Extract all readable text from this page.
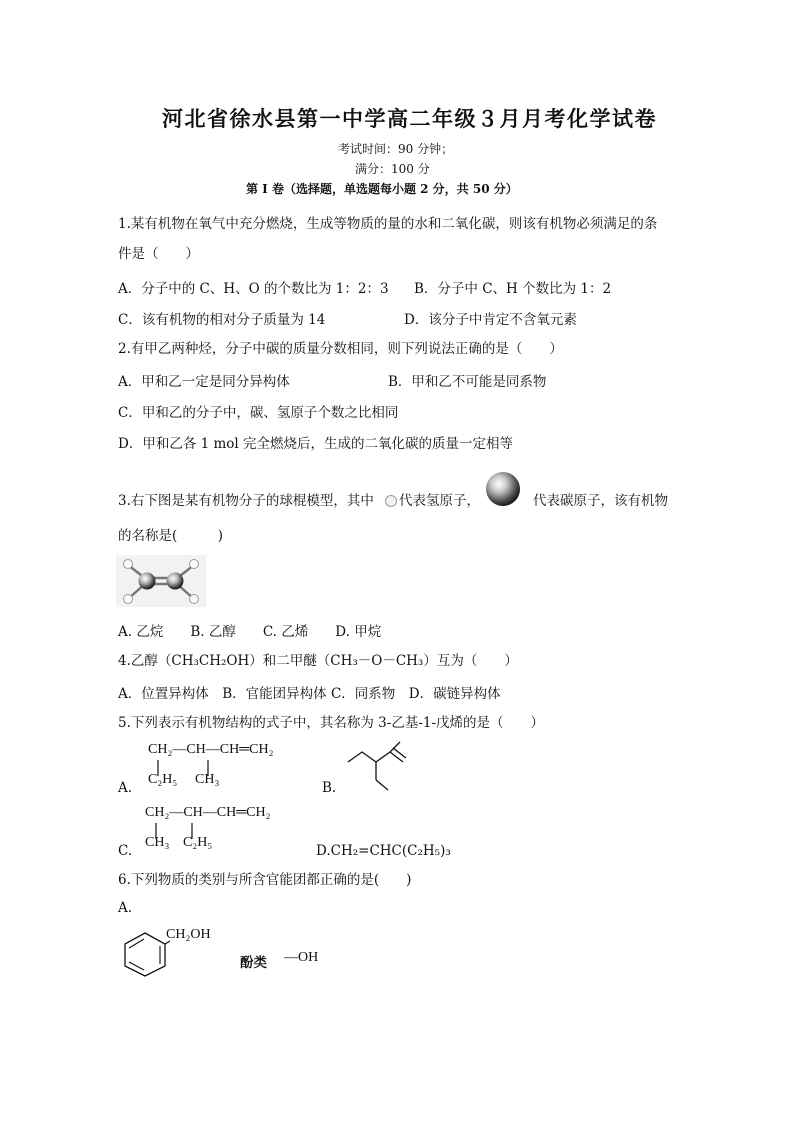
河北省徐水县第一中学高二年级３月月考化学试卷
考试时间：90 分钟；
满分：100 分
第 I 卷（选择题，单选题每小题 2 分，共 50 分）
1.某有机物在氧气中充分燃烧，生成等物质的量的水和二氧化碳，则该有机物必须满足的条
件是（　　）
A．分子中的 C、H、O 的个数比为 1：2：3 B．分子中 C、H 个数比为 1：2
C．该有机物的相对分子质量为 14	D．该分子中肯定不含氧元素
2.有甲乙两种烃，分子中碳的质量分数相同，则下列说法正确的是（　　）
A．甲和乙一定是同分异构体	B．甲和乙不可能是同系物
C．甲和乙的分子中，碳、氢原子个数之比相同
D．甲和乙各 1 mol 完全燃烧后，生成的二氧化碳的质量一定相等
3.右下图是某有机物分子的球棍模型，其中 代表氢原子，	代表碳原子，该有机物
的名称是(　　　)
A. 乙烷　　B. 乙醇　　C. 乙烯　　D. 甲烷
4.乙醇（CH₃CH₂OH）和二甲醚（CH₃－O－CH₃）互为（　　）
A．位置异构体　B．官能团异构体 C．同系物　D．碳链异构体
5.下列表示有机物结构的式子中，其名称为 3-乙基-1-戊烯的是（　　）
CH₂—CH—CH═CH₂
C₂H₅ CH₃
A.	B.
CH₂—CH—CH═CH₂
CH₃ C₂H₅
C.	D.CH₂=CHC(C₂H₅)₃
6.下列物质的类别与所含官能团都正确的是(　　)
A.
CH₂OH
酚类 —OH
